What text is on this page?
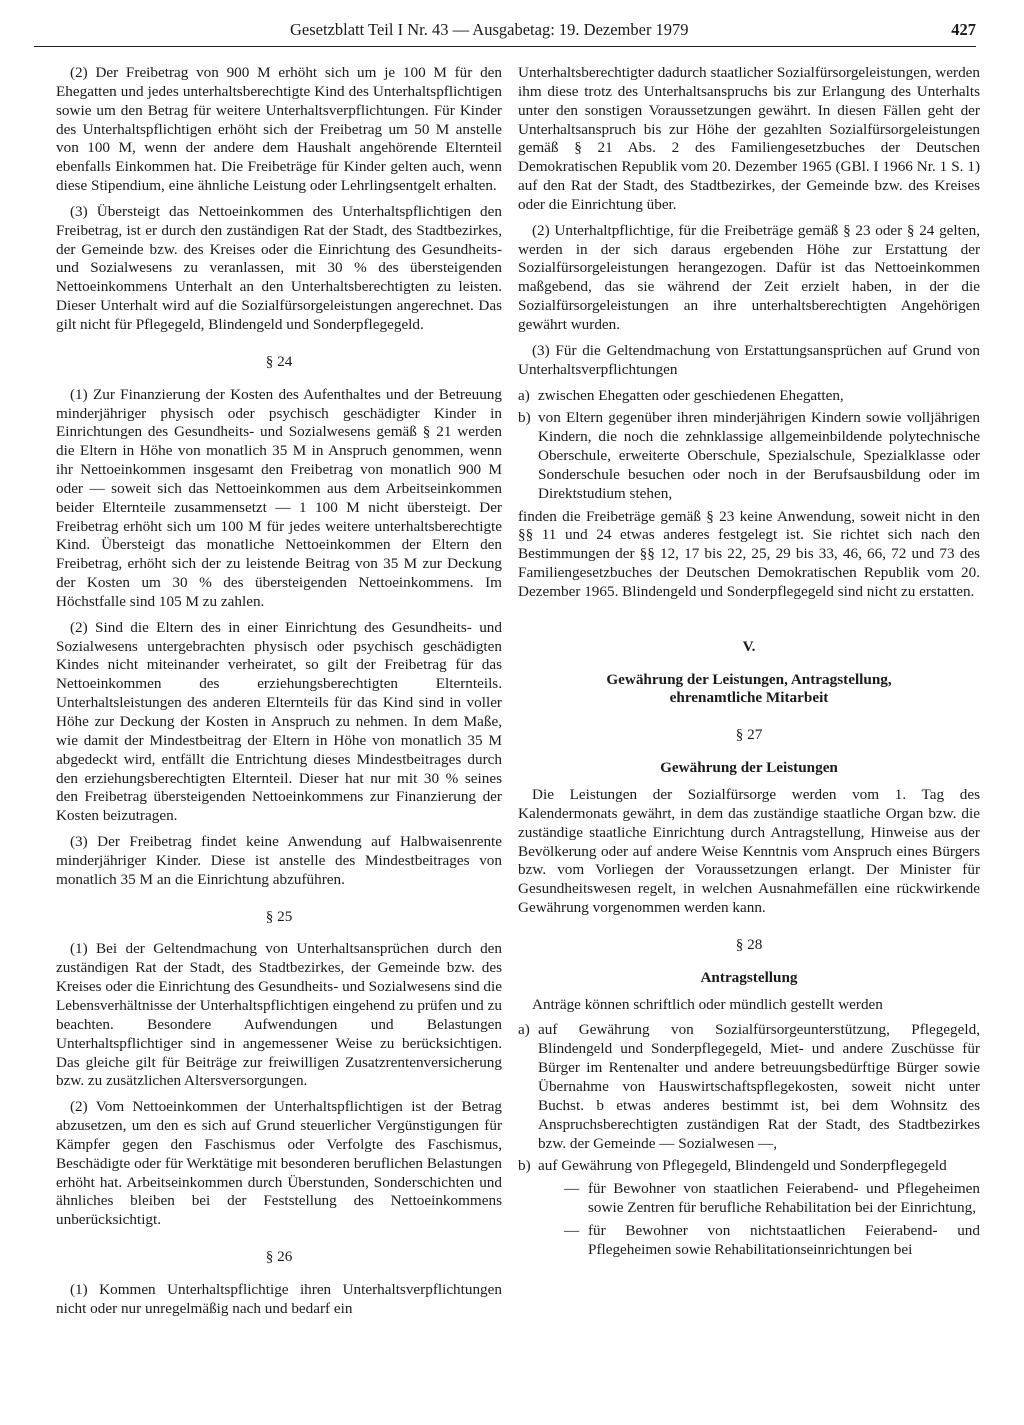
Gesetzblatt Teil I Nr. 43 — Ausgabetag: 19. Dezember 1979	427

(2) Der Freibetrag von 900 M erhöht sich um je 100 M für den Ehegatten und jedes unterhaltsberechtigte Kind des Unterhaltspflichtigen sowie um den Betrag für weitere Unterhaltsverpflichtungen. Für Kinder des Unterhaltspflichtigen erhöht sich der Freibetrag um 50 M anstelle von 100 M, wenn der andere dem Haushalt angehörende Elternteil ebenfalls Einkommen hat. Die Freibeträge für Kinder gelten auch, wenn diese Stipendium, eine ähnliche Leistung oder Lehrlingsentgelt erhalten.

(3) Übersteigt das Nettoeinkommen des Unterhaltspflichtigen den Freibetrag, ist er durch den zuständigen Rat der Stadt, des Stadtbezirkes, der Gemeinde bzw. des Kreises oder die Einrichtung des Gesundheits- und Sozialwesens zu veranlassen, mit 30 % des übersteigenden Nettoeinkommens Unterhalt an den Unterhaltsberechtigten zu leisten. Dieser Unterhalt wird auf die Sozialfürsorgeleistungen angerechnet. Das gilt nicht für Pflegegeld, Blindengeld und Sonderpflegegeld.

§ 24

(1) Zur Finanzierung der Kosten des Aufenthaltes und der Betreuung minderjähriger physisch oder psychisch geschädigter Kinder in Einrichtungen des Gesundheits- und Sozialwesens gemäß § 21 werden die Eltern in Höhe von monatlich 35 M in Anspruch genommen, wenn ihr Nettoeinkommen insgesamt den Freibetrag von monatlich 900 M oder — soweit sich das Nettoeinkommen aus dem Arbeitseinkommen beider Elternteile zusammensetzt — 1 100 M nicht übersteigt. Der Freibetrag erhöht sich um 100 M für jedes weitere unterhaltsberechtigte Kind. Übersteigt das monatliche Nettoeinkommen der Eltern den Freibetrag, erhöht sich der zu leistende Beitrag von 35 M zur Deckung der Kosten um 30 % des übersteigenden Nettoeinkommens. Im Höchstfalle sind 105 M zu zahlen.

(2) Sind die Eltern des in einer Einrichtung des Gesundheits- und Sozialwesens untergebrachten physisch oder psychisch geschädigten Kindes nicht miteinander verheiratet, so gilt der Freibetrag für das Nettoeinkommen des erziehungsberechtigten Elternteils. Unterhaltsleistungen des anderen Elternteils für das Kind sind in voller Höhe zur Deckung der Kosten in Anspruch zu nehmen. In dem Maße, wie damit der Mindestbeitrag der Eltern in Höhe von monatlich 35 M abgedeckt wird, entfällt die Entrichtung dieses Mindestbeitrages durch den erziehungsberechtigten Elternteil. Dieser hat nur mit 30 % seines den Freibetrag übersteigenden Nettoeinkommens zur Finanzierung der Kosten beizutragen.

(3) Der Freibetrag findet keine Anwendung auf Halbwaisenrente minderjähriger Kinder. Diese ist anstelle des Mindestbeitrages von monatlich 35 M an die Einrichtung abzuführen.

§ 25

(1) Bei der Geltendmachung von Unterhaltsansprüchen durch den zuständigen Rat der Stadt, des Stadtbezirkes, der Gemeinde bzw. des Kreises oder die Einrichtung des Gesundheits- und Sozialwesens sind die Lebensverhältnisse der Unterhaltspflichtigen eingehend zu prüfen und zu beachten. Besondere Aufwendungen und Belastungen Unterhaltspflichtiger sind in angemessener Weise zu berücksichtigen. Das gleiche gilt für Beiträge zur freiwilligen Zusatzrentenversicherung bzw. zu zusätzlichen Altersversorgungen.

(2) Vom Nettoeinkommen der Unterhaltspflichtigen ist der Betrag abzusetzen, um den es sich auf Grund steuerlicher Vergünstigungen für Kämpfer gegen den Faschismus oder Verfolgte des Faschismus, Beschädigte oder für Werktätige mit besonderen beruflichen Belastungen erhöht hat. Arbeitseinkommen durch Überstunden, Sonderschichten und ähnliches bleiben bei der Feststellung des Nettoeinkommens unberücksichtigt.

§ 26

(1) Kommen Unterhaltspflichtige ihren Unterhaltsverpflichtungen nicht oder nur unregelmäßig nach und bedarf ein

Unterhaltsberechtigter dadurch staatlicher Sozialfürsorgeleistungen, werden ihm diese trotz des Unterhaltsanspruchs bis zur Erlangung des Unterhalts unter den sonstigen Voraussetzungen gewährt. In diesen Fällen geht der Unterhaltsanspruch bis zur Höhe der gezahlten Sozialfürsorgeleistungen gemäß § 21 Abs. 2 des Familiengesetzbuches der Deutschen Demokratischen Republik vom 20. Dezember 1965 (GBl. I 1966 Nr. 1 S. 1) auf den Rat der Stadt, des Stadtbezirkes, der Gemeinde bzw. des Kreises oder die Einrichtung über.

(2) Unterhaltpflichtige, für die Freibeträge gemäß § 23 oder § 24 gelten, werden in der sich daraus ergebenden Höhe zur Erstattung der Sozialfürsorgeleistungen herangezogen. Dafür ist das Nettoeinkommen maßgebend, das sie während der Zeit erzielt haben, in der die Sozialfürsorgeleistungen an ihre unterhaltsberechtigten Angehörigen gewährt wurden.

(3) Für die Geltendmachung von Erstattungsansprüchen auf Grund von Unterhaltsverpflichtungen

a) zwischen Ehegatten oder geschiedenen Ehegatten,
b) von Eltern gegenüber ihren minderjährigen Kindern sowie volljährigen Kindern, die noch die zehnklassige allgemeinbildende polytechnische Oberschule, erweiterte Oberschule, Spezialschule, Spezialklasse oder Sonderschule besuchen oder noch in der Berufsausbildung oder im Direktstudium stehen,

finden die Freibeträge gemäß § 23 keine Anwendung, soweit nicht in den §§ 11 und 24 etwas anderes festgelegt ist. Sie richtet sich nach den Bestimmungen der §§ 12, 17 bis 22, 25, 29 bis 33, 46, 66, 72 und 73 des Familiengesetzbuches der Deutschen Demokratischen Republik vom 20. Dezember 1965. Blindengeld und Sonderpflegegeld sind nicht zu erstatten.

V.

Gewährung der Leistungen, Antragstellung,

ehrenamtliche Mitarbeit

§ 27

Gewährung der Leistungen

Die Leistungen der Sozialfürsorge werden vom 1. Tag des Kalendermonats gewährt, in dem das zuständige staatliche Organ bzw. die zuständige staatliche Einrichtung durch Antragstellung, Hinweise aus der Bevölkerung oder auf andere Weise Kenntnis vom Anspruch eines Bürgers bzw. vom Vorliegen der Voraussetzungen erlangt. Der Minister für Gesundheitswesen regelt, in welchen Ausnahmefällen eine rückwirkende Gewährung vorgenommen werden kann.

§ 28

Antragstellung

Anträge können schriftlich oder mündlich gestellt werden

a) auf Gewährung von Sozialfürsorgeunterstützung, Pflegegeld, Blindengeld und Sonderpflegegeld, Miet- und andere Zuschüsse für Bürger im Rentenalter und andere betreuungsbedürftige Bürger sowie Übernahme von Hauswirtschaftspflegekosten, soweit nicht unter Buchst. b etwas anderes bestimmt ist, bei dem Wohnsitz des Anspruchsberechtigten zuständigen Rat der Stadt, des Stadtbezirkes bzw. der Gemeinde — Sozialwesen —,
b) auf Gewährung von Pflegegeld, Blindengeld und Sonderpflegegeld
— für Bewohner von staatlichen Feierabend- und Pflegeheimen sowie Zentren für berufliche Rehabilitation bei der Einrichtung,
— für Bewohner von nichtstaatlichen Feierabend- und Pflegeheimen sowie Rehabilitationseinrichtungen bei
